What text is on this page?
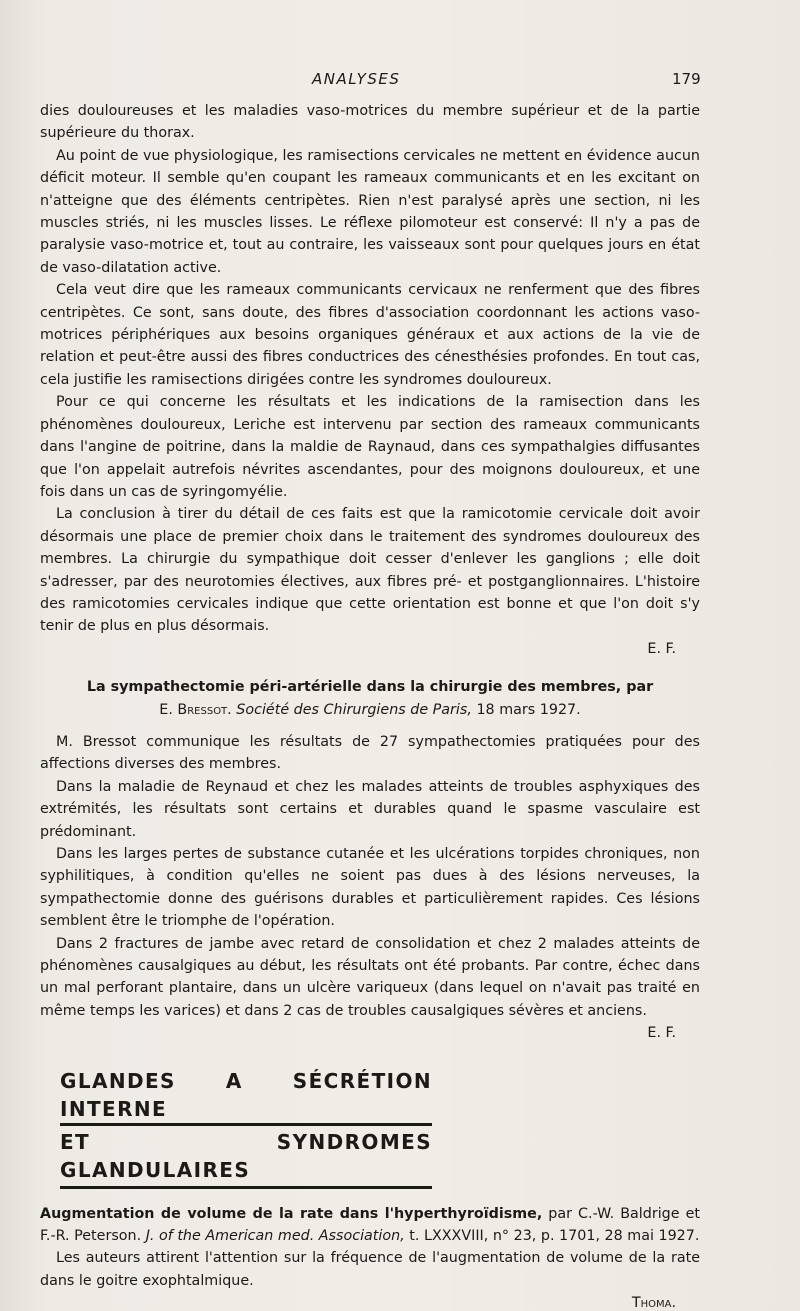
ANALYSES	179

dies douloureuses et les maladies vaso-motrices du membre supérieur et de la partie supérieure du thorax.

Au point de vue physiologique, les ramisections cervicales ne mettent en évidence aucun déficit moteur. Il semble qu'en coupant les rameaux communicants et en les excitant on n'atteigne que des éléments centripètes. Rien n'est paralysé après une section, ni les muscles striés, ni les muscles lisses. Le réflexe pilomoteur est conservé: Il n'y a pas de paralysie vaso-motrice et, tout au contraire, les vaisseaux sont pour quelques jours en état de vaso-dilatation active.

Cela veut dire que les rameaux communicants cervicaux ne renferment que des fibres centripètes. Ce sont, sans doute, des fibres d'association coordonnant les actions vaso-motrices périphériques aux besoins organiques généraux et aux actions de la vie de relation et peut-être aussi des fibres conductrices des cénesthésies profondes. En tout cas, cela justifie les ramisections dirigées contre les syndromes douloureux.

Pour ce qui concerne les résultats et les indications de la ramisection dans les phénomènes douloureux, Leriche est intervenu par section des rameaux communicants dans l'angine de poitrine, dans la maldie de Raynaud, dans ces sympathalgies diffusantes que l'on appelait autrefois névrites ascendantes, pour des moignons douloureux, et une fois dans un cas de syringomyélie.

La conclusion à tirer du détail de ces faits est que la ramicotomie cervicale doit avoir désormais une place de premier choix dans le traitement des syndromes douloureux des membres. La chirurgie du sympathique doit cesser d'enlever les ganglions ; elle doit s'adresser, par des neurotomies électives, aux fibres pré- et postganglionnaires. L'histoire des ramicotomies cervicales indique que cette orientation est bonne et que l'on doit s'y tenir de plus en plus désormais.

E. F.

La sympathectomie péri-artérielle dans la chirurgie des membres, par

E. Bressot. Société des Chirurgiens de Paris, 18 mars 1927.

M. Bressot communique les résultats de 27 sympathectomies pratiquées pour des affections diverses des membres.

Dans la maladie de Reynaud et chez les malades atteints de troubles asphyxiques des extrémités, les résultats sont certains et durables quand le spasme vasculaire est prédominant.

Dans les larges pertes de substance cutanée et les ulcérations torpides chroniques, non syphilitiques, à condition qu'elles ne soient pas dues à des lésions nerveuses, la sympathectomie donne des guérisons durables et particulièrement rapides. Ces lésions semblent être le triomphe de l'opération.

Dans 2 fractures de jambe avec retard de consolidation et chez 2 malades atteints de phénomènes causalgiques au début, les résultats ont été probants. Par contre, échec dans un mal perforant plantaire, dans un ulcère variqueux (dans lequel on n'avait pas traité en même temps les varices) et dans 2 cas de troubles causalgiques sévères et anciens.

E. F.

GLANDES A SÉCRÉTION INTERNE
ET SYNDROMES GLANDULAIRES

Augmentation de volume de la rate dans l'hyperthyroïdisme, par C.-W. Baldrige et F.-R. Peterson. J. of the American med. Association, t. LXXXVIII, n° 23, p. 1701, 28 mai 1927.

Les auteurs attirent l'attention sur la fréquence de l'augmentation de volume de la rate dans le goitre exophtalmique.

Thoma.
